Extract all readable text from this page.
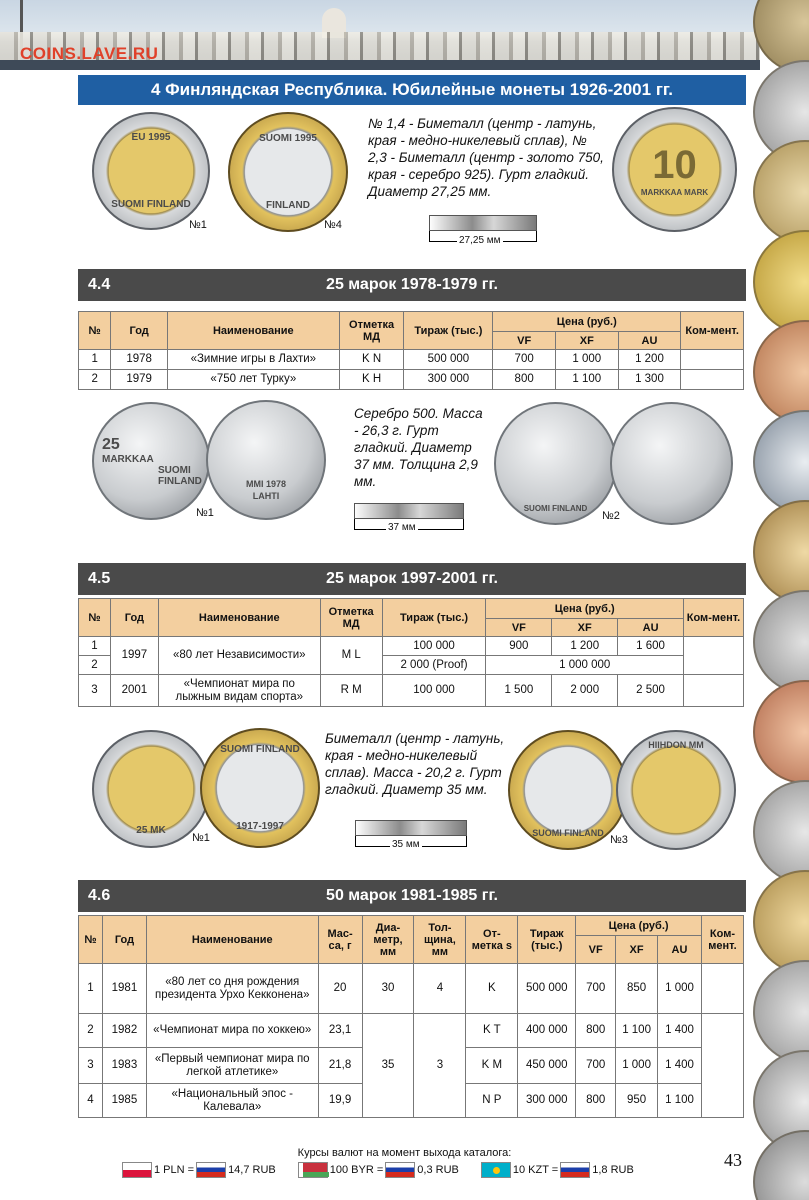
COINS.LAVE.RU
4 Финляндская Республика. Юбилейные монеты 1926-2001 гг.
EU 1995
SUOMI FINLAND
№1
SUOMI 1995
FINLAND
№4
№ 1,4 - Биметалл (центр - латунь, края - медно-никелевый сплав), № 2,3 - Биметалл (центр - золото 750, края - серебро 925). Гурт гладкий. Диаметр 27,25 мм.
10
MARKKAA MARK
27,25 мм
25 марок 1978-1979 гг.
4.4
№	Год	Наименование	Отметка МД	Тираж (тыс.)	Цена (руб.)			Ком-мент.
					VF	XF	AU	
1	1978	«Зимние игры в Лахти»	K N	500 000	700	1 000	1 200	
2	1979	«750 лет Турку»	K H	300 000	800	1 100	1 300	
25
MARKKAA
SUOMI FINLAND	MMI 1978
LAHTI
№1
Серебро 500. Масса - 26,3 г. Гурт гладкий. Диаметр 37 мм. Толщина 2,9 мм.
37 мм
SUOMI FINLAND
№2
25 марок 1997-2001 гг.
4.5
№	Год	Наименование	Отметка МД	Тираж (тыс.)	Цена (руб.)			Ком-мент.
					VF	XF	AU	
1	1997	«80 лет Независимости»	M L	100 000	900	1 200	1 600	
2				2 000 (Proof)	1 000 000			
3	2001	«Чемпионат мира по лыжным видам спорта»	R M	100 000	1 500	2 000	2 500	
25 MK
SUOMI FINLAND
1917-1997
№1
Биметалл (центр - латунь, края - медно-никелевый сплав). Масса - 20,2 г. Гурт гладкий. Диаметр 35 мм.
35 мм
SUOMI FINLAND
HIIHDON MM
№3
50 марок 1981-1985 гг.
4.6
№	Год	Наименование	Мас-са, г	Диа-метр, мм	Тол-щина, мм	От-метка s	Тираж (тыс.)	Цена (руб.)			Ком-мент.
								VF	XF	AU	
1	1981	«80 лет со дня рождения президента Урхо Кекконена»	20	30	4	K	500 000	700	850	1 000	
2	1982	«Чемпионат мира по хоккею»	23,1	35	3	K T	400 000	800	1 100	1 400	
3	1983	«Первый чемпионат мира по легкой атлетике»	21,8			K M	450 000	700	1 000	1 400	
4	1985	«Национальный эпос - Калевала»	19,9			N P	300 000	800	950	1 100	
Курсы валют на момент выхода каталога:
1 PLN =	14,7 RUB	100 BYR =	0,3 RUB	10 KZT =	1,8 RUB	43
